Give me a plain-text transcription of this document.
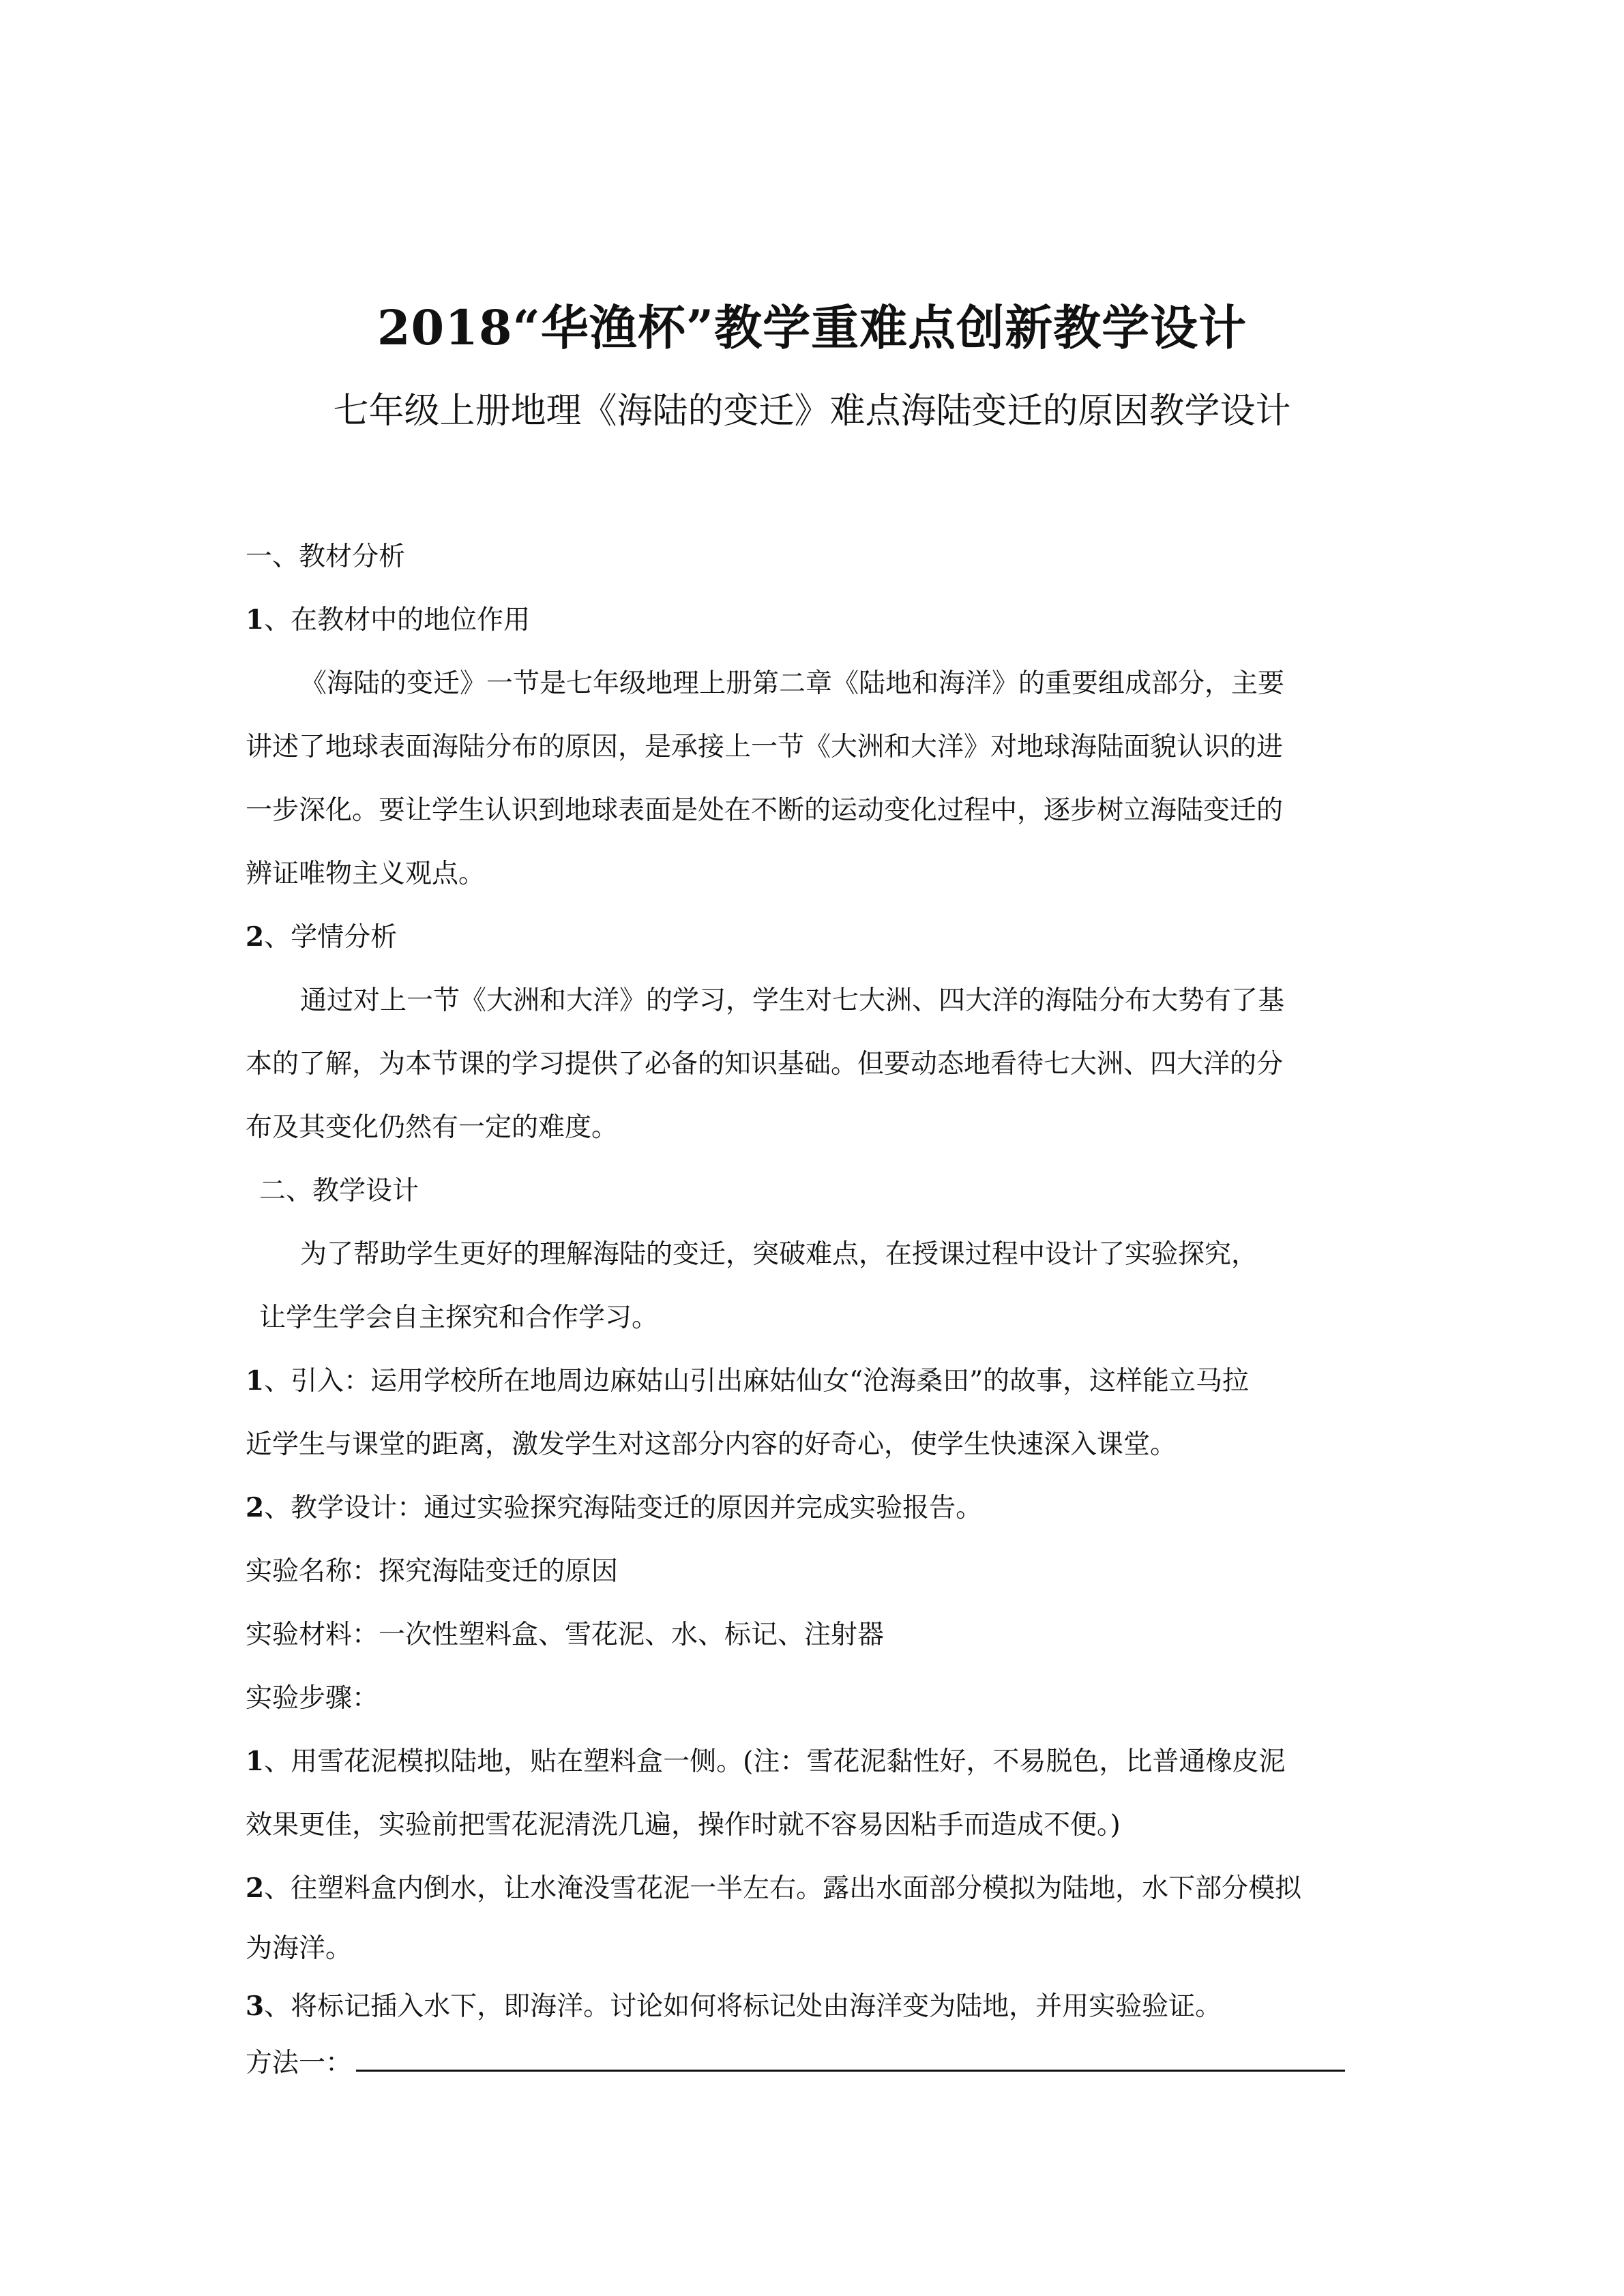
2018“华渔杯”教学重难点创新教学设计
七年级上册地理《海陆的变迁》难点海陆变迁的原因教学设计
一、教材分析
1、在教材中的地位作用
《海陆的变迁》一节是七年级地理上册第二章《陆地和海洋》的重要组成部分，主要
讲述了地球表面海陆分布的原因，是承接上一节《大洲和大洋》对地球海陆面貌认识的进
一步深化。要让学生认识到地球表面是处在不断的运动变化过程中，逐步树立海陆变迁的
辨证唯物主义观点。
2、学情分析
通过对上一节《大洲和大洋》的学习，学生对七大洲、四大洋的海陆分布大势有了基
本的了解，为本节课的学习提供了必备的知识基础。但要动态地看待七大洲、四大洋的分
布及其变化仍然有一定的难度。
二、教学设计
为了帮助学生更好的理解海陆的变迁，突破难点，在授课过程中设计了实验探究，
让学生学会自主探究和合作学习。
1、引入：运用学校所在地周边麻姑山引出麻姑仙女“沧海桑田”的故事，这样能立马拉
近学生与课堂的距离，激发学生对这部分内容的好奇心，使学生快速深入课堂。
2、教学设计：通过实验探究海陆变迁的原因并完成实验报告。
实验名称：探究海陆变迁的原因
实验材料：一次性塑料盒、雪花泥、水、标记、注射器
实验步骤：
1、用雪花泥模拟陆地，贴在塑料盒一侧。(注：雪花泥黏性好，不易脱色，比普通橡皮泥
效果更佳，实验前把雪花泥清洗几遍，操作时就不容易因粘手而造成不便。)
2、往塑料盒内倒水，让水淹没雪花泥一半左右。露出水面部分模拟为陆地，水下部分模拟
为海洋。
3、将标记插入水下，即海洋。讨论如何将标记处由海洋变为陆地，并用实验验证。
方法一：
